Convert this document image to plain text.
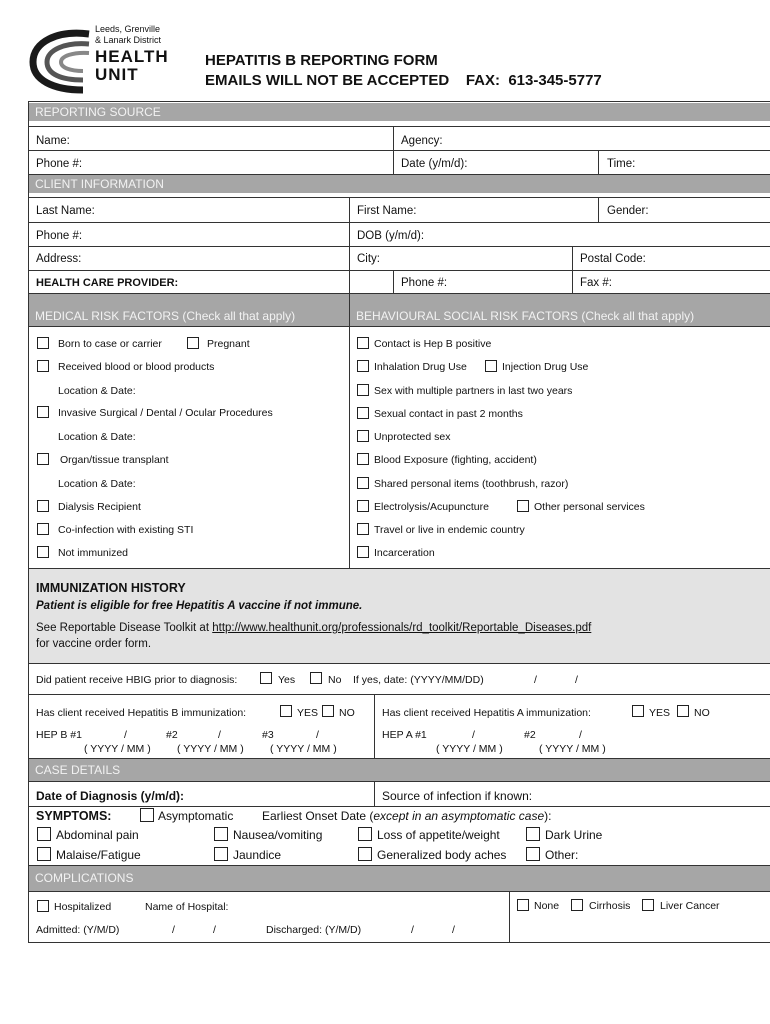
Leeds, Grenville
& Lanark District
HEALTH
UNIT
HEPATITIS B REPORTING FORM
EMAILS WILL NOT BE ACCEPTED    FAX:  613-345-5777
REPORTING SOURCE
Name:	Agency:
Phone #:	Date (y/m/d):	Time:
CLIENT INFORMATION
Last Name:	First Name:	Gender:
Phone #:	DOB (y/m/d):
Address:	City:	Postal Code:
HEALTH CARE PROVIDER:	Phone #:	Fax #:
MEDICAL RISK FACTORS (Check all that apply)	BEHAVIOURAL SOCIAL RISK FACTORS (Check all that apply)
Born to case or carrier	Pregnant
Received blood or blood products
Location & Date:
Invasive Surgical / Dental / Ocular Procedures
Location & Date:
Organ/tissue transplant
Location & Date:
Dialysis Recipient
Co-infection with existing STI
Not immunized
Contact is Hep B positive
Inhalation Drug Use	Injection Drug Use
Sex with multiple partners in last two years
Sexual contact in past 2 months
Unprotected sex
Blood Exposure (fighting, accident)
Shared personal items (toothbrush, razor)
Electrolysis/Acupuncture	Other personal services
Travel or live in endemic country
Incarceration
IMMUNIZATION HISTORY
Patient is eligible for free Hepatitis A vaccine if not immune.
See Reportable Disease Toolkit at http://www.healthunit.org/professionals/rd_toolkit/Reportable_Diseases.pdf
for vaccine order form.
Did patient receive HBIG prior to diagnosis:	Yes	No If yes, date: (YYYY/MM/DD)	/	/
Has client received Hepatitis B immunization:	YES NO	Has client received Hepatitis A immunization:	YES NO
HEP B #1	/	#2	/	#3	/
( YYYY / MM )	( YYYY / MM )	( YYYY / MM )
HEP A #1	/	#2	/
( YYYY / MM )	( YYYY / MM )
CASE DETAILS
Date of Diagnosis (y/m/d):	Source of infection if known:
SYMPTOMS:	Asymptomatic Earliest Onset Date (except in an asymptomatic case):
Abdominal pain	Nausea/vomiting	Loss of appetite/weight	Dark Urine
Malaise/Fatigue	Jaundice	Generalized body aches	Other:
COMPLICATIONS
Hospitalized	Name of Hospital:	None	Cirrhosis	Liver Cancer
Admitted: (Y/M/D)	/	/	Discharged: (Y/M/D)	/	/
